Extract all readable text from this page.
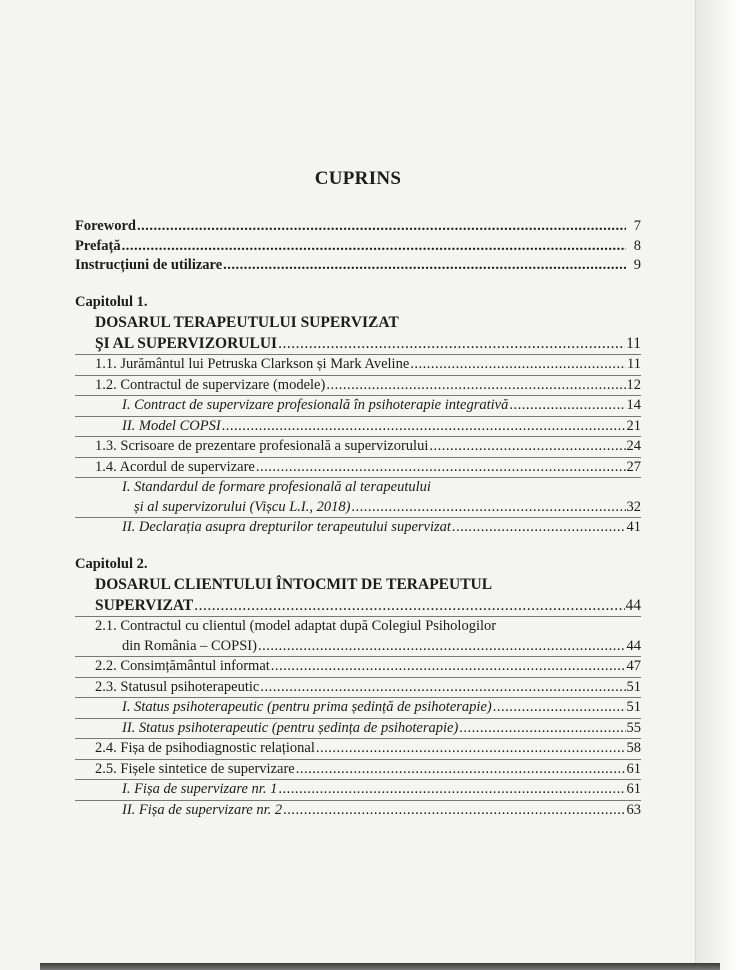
CUPRINS
Foreword .....	7
Prefață .....	8
Instrucțiuni de utilizare .....	9
Capitolul 1.
DOSARUL TERAPEUTULUI SUPERVIZAT
ŞI AL SUPERVIZORULUI .....	11
1.1. Jurământul lui Petruska Clarkson și Mark Aveline .....	11
1.2. Contractul de supervizare (modele) .....	12
I. Contract de supervizare profesională în psihoterapie integrativă .....	14
II. Model COPSI .....	21
1.3. Scrisoare de prezentare profesională a supervizorului .....	24
1.4. Acordul de supervizare .....	27
I. Standardul de formare profesională al terapeutului
și al supervizorului (Vișcu L.I., 2018) .....	32
II. Declarația asupra drepturilor terapeutului supervizat .....	41
Capitolul 2.
DOSARUL CLIENTULUI ÎNTOCMIT DE TERAPEUTUL
SUPERVIZAT .....	44
2.1. Contractul cu clientul (model adaptat după Colegiul Psihologilor
din România – COPSI) .....	44
2.2. Consimțământul informat .....	47
2.3. Statusul psihoterapeutic .....	51
I. Status psihoterapeutic (pentru prima ședință de psihoterapie) .....	51
II. Status psihoterapeutic (pentru ședința de psihoterapie) .....	55
2.4. Fișa de psihodiagnostic relațional .....	58
2.5. Fișele sintetice de supervizare .....	61
I. Fișa de supervizare nr. 1 .....	61
II. Fișa de supervizare nr. 2 .....	63
